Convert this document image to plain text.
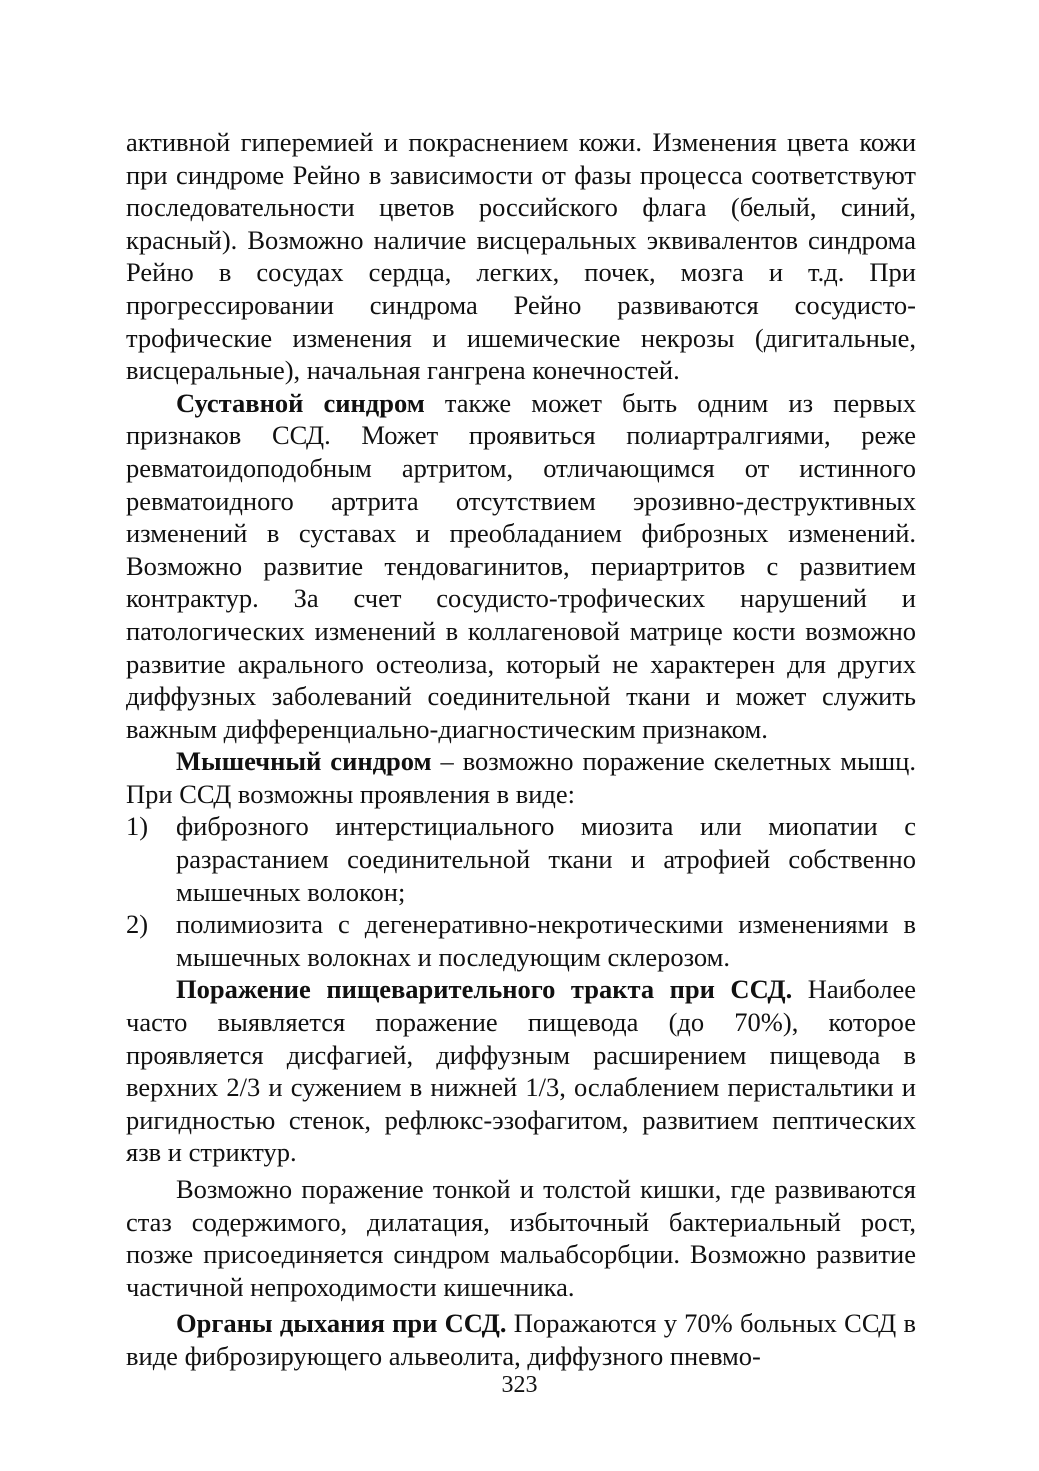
активной гиперемией и покраснением кожи. Изменения цвета кожи при синдроме Рейно в зависимости от фазы процесса соответствуют последовательности цветов российского флага (белый, синий, красный). Возможно наличие висцеральных эквивалентов синдрома Рейно в сосудах сердца, легких, почек, мозга и т.д. При прогрессировании синдрома Рейно развиваются сосудисто-трофические изменения и ишемические некрозы (дигитальные, висцеральные), начальная гангрена конечностей.

Суставной синдром также может быть одним из первых признаков ССД. Может проявиться полиартралгиями, реже ревматоидоподобным артритом, отличающимся от истинного ревматоидного артрита отсутствием эрозивно-деструктивных изменений в суставах и преобладанием фиброзных изменений. Возможно развитие тендовагинитов, периартритов с развитием контрактур. За счет сосудисто-трофических нарушений и патологических изменений в коллагеновой матрице кости возможно развитие акрального остеолиза, который не характерен для других диффузных заболеваний соединительной ткани и может служить важным дифференциально-диагностическим признаком.

Мышечный синдром – возможно поражение скелетных мышц. При ССД возможны проявления в виде:

1) фиброзного интерстициального миозита или миопатии с разрастанием соединительной ткани и атрофией собственно мышечных волокон;
2) полимиозита с дегенеративно-некротическими изменениями в мышечных волокнах и последующим склерозом.

Поражение пищеварительного тракта при ССД. Наиболее часто выявляется поражение пищевода (до 70%), которое проявляется дисфагией, диффузным расширением пищевода в верхних 2/3 и сужением в нижней 1/3, ослаблением перистальтики и ригидностью стенок, рефлюкс-эзофагитом, развитием пептических язв и стриктур.

Возможно поражение тонкой и толстой кишки, где развиваются стаз содержимого, дилатация, избыточный бактериальный рост, позже присоединяется синдром мальабсорбции. Возможно развитие частичной непроходимости кишечника.

Органы дыхания при ССД. Поражаются у 70% больных ССД в виде фиброзирующего альвеолита, диффузного пневмо-

323
